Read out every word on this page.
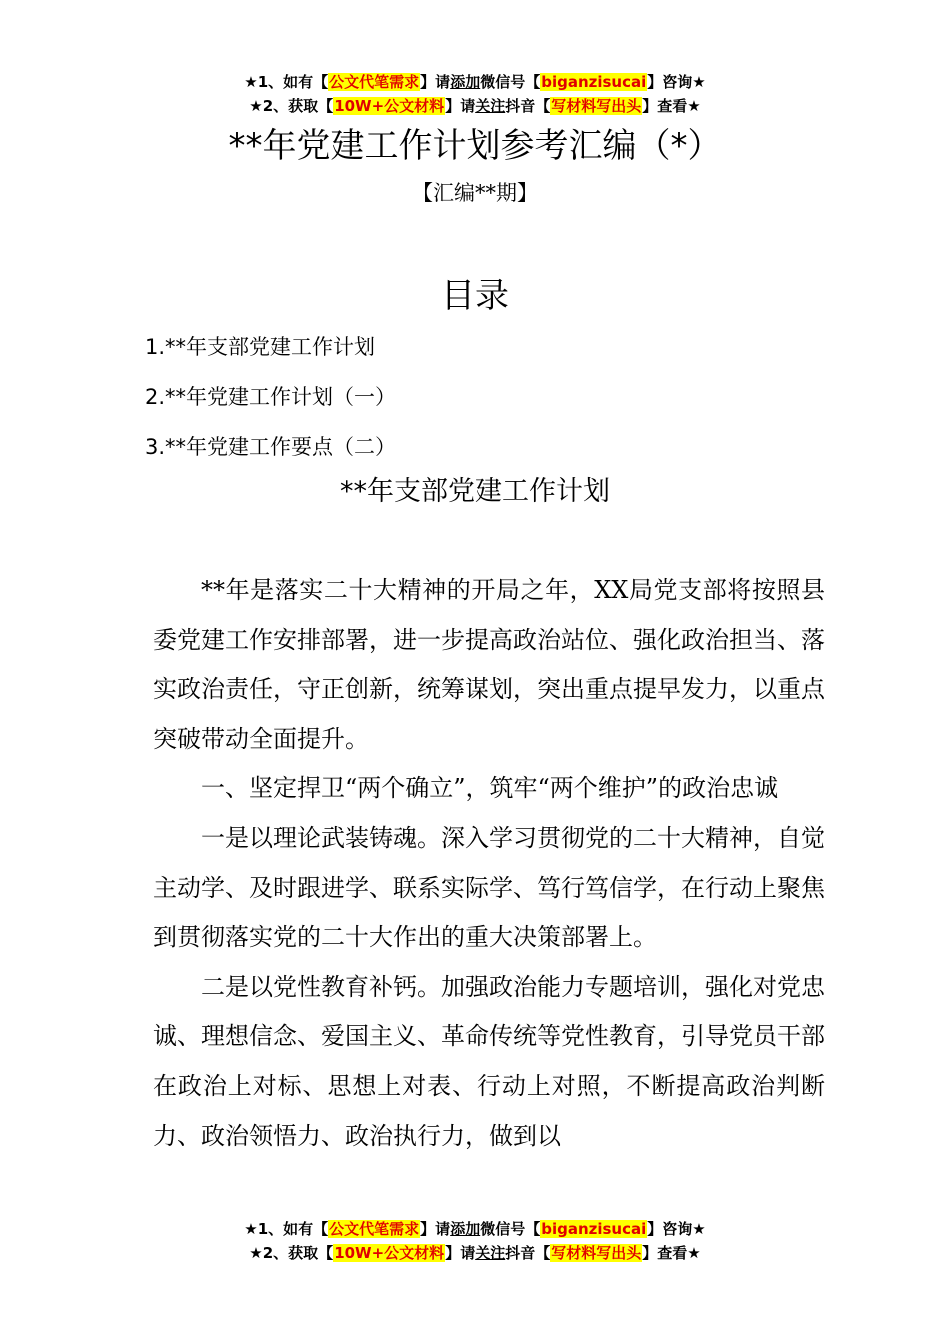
★1、如有【公文代笔需求】请添加微信号【biganzisucai】咨询★
★2、获取【10W+公文材料】请关注抖音【写材料写出头】查看★
**年党建工作计划参考汇编（*）
【汇编**期】
目录
1.**年支部党建工作计划
2.**年党建工作计划（一）
3.**年党建工作要点（二）
**年支部党建工作计划

**年是落实二十大精神的开局之年，XX局党支部将按照县委党建工作安排部署，进一步提高政治站位、强化政治担当、落实政治责任，守正创新，统筹谋划，突出重点提早发力，以重点突破带动全面提升。

一、坚定捍卫“两个确立”，筑牢“两个维护”的政治忠诚

一是以理论武装铸魂。深入学习贯彻党的二十大精神，自觉主动学、及时跟进学、联系实际学、笃行笃信学，在行动上聚焦到贯彻落实党的二十大作出的重大决策部署上。

二是以党性教育补钙。加强政治能力专题培训，强化对党忠诚、理想信念、爱国主义、革命传统等党性教育，引导党员干部在政治上对标、思想上对表、行动上对照，不断提高政治判断力、政治领悟力、政治执行力，做到以

★1、如有【公文代笔需求】请添加微信号【biganzisucai】咨询★
★2、获取【10W+公文材料】请关注抖音【写材料写出头】查看★
